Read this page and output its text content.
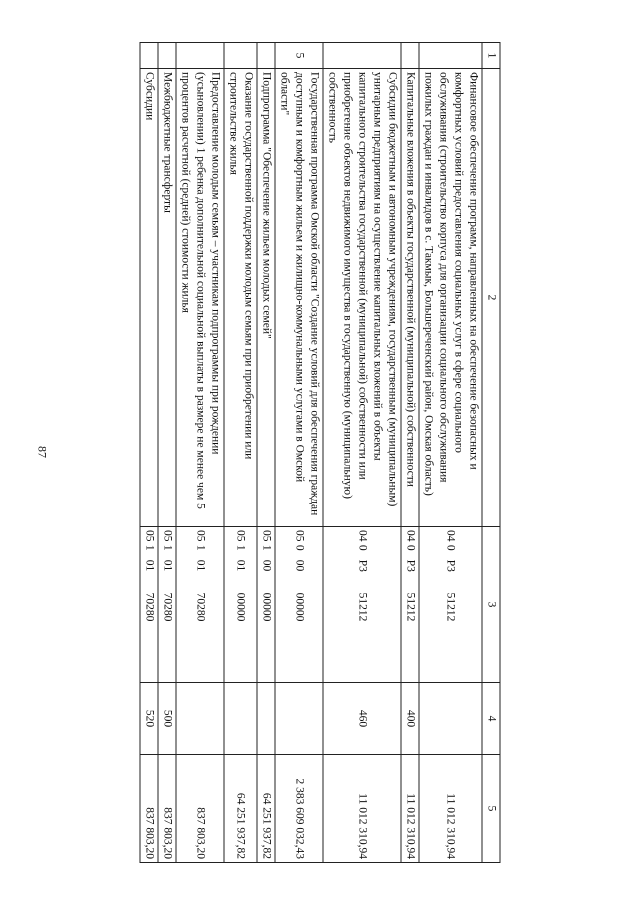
87
1	2	3	4	5
	Финансовое обеспечение программ, направленных на обеспечение безопасных и комфортных условий предоставления социальных услуг в сфере социального обслуживания (строительство корпуса для организации социального обслуживания пожилых граждан и инвалидов в с. Такмык, Большереченский район, Омская область)	04 0 P3 51212		11 012 310,94
	Капитальные вложения в объекты государственной (муниципальной) собственности	04 0 P3 51212	400	11 012 310,94
	Субсидии бюджетным и автономным учреждениям, государственным (муниципальным) унитарным предприятиям на осуществление капитальных вложений в объекты капитального строительства государственной (муниципальной) собственности или приобретение объектов недвижимого имущества в государственную (муниципальную) собственность	04 0 P3 51212	460	11 012 310,94
5	Государственная программа Омской области "Создание условий для обеспечения граждан доступным и комфортным жильем и жилищно-коммунальными услугами в Омской области"	05 0 00 00000		2 383 609 032,43
	Подпрограмма "Обеспечение жильем молодых семей"	05 1 00 00000		64 251 937,82
	Оказание государственной поддержки молодым семьям при приобретении или строительстве жилья	05 1 01 00000		64 251 937,82
	Предоставление молодым семьям – участникам подпрограммы при рождении (усыновлении) 1 ребенка дополнительной социальной выплаты в размере не менее чем 5 процентов расчетной (средней) стоимости жилья	05 1 01 70280		837 803,20
	Межбюджетные трансферты	05 1 01 70280	500	837 803,20
	Субсидии	05 1 01 70280	520	837 803,20
